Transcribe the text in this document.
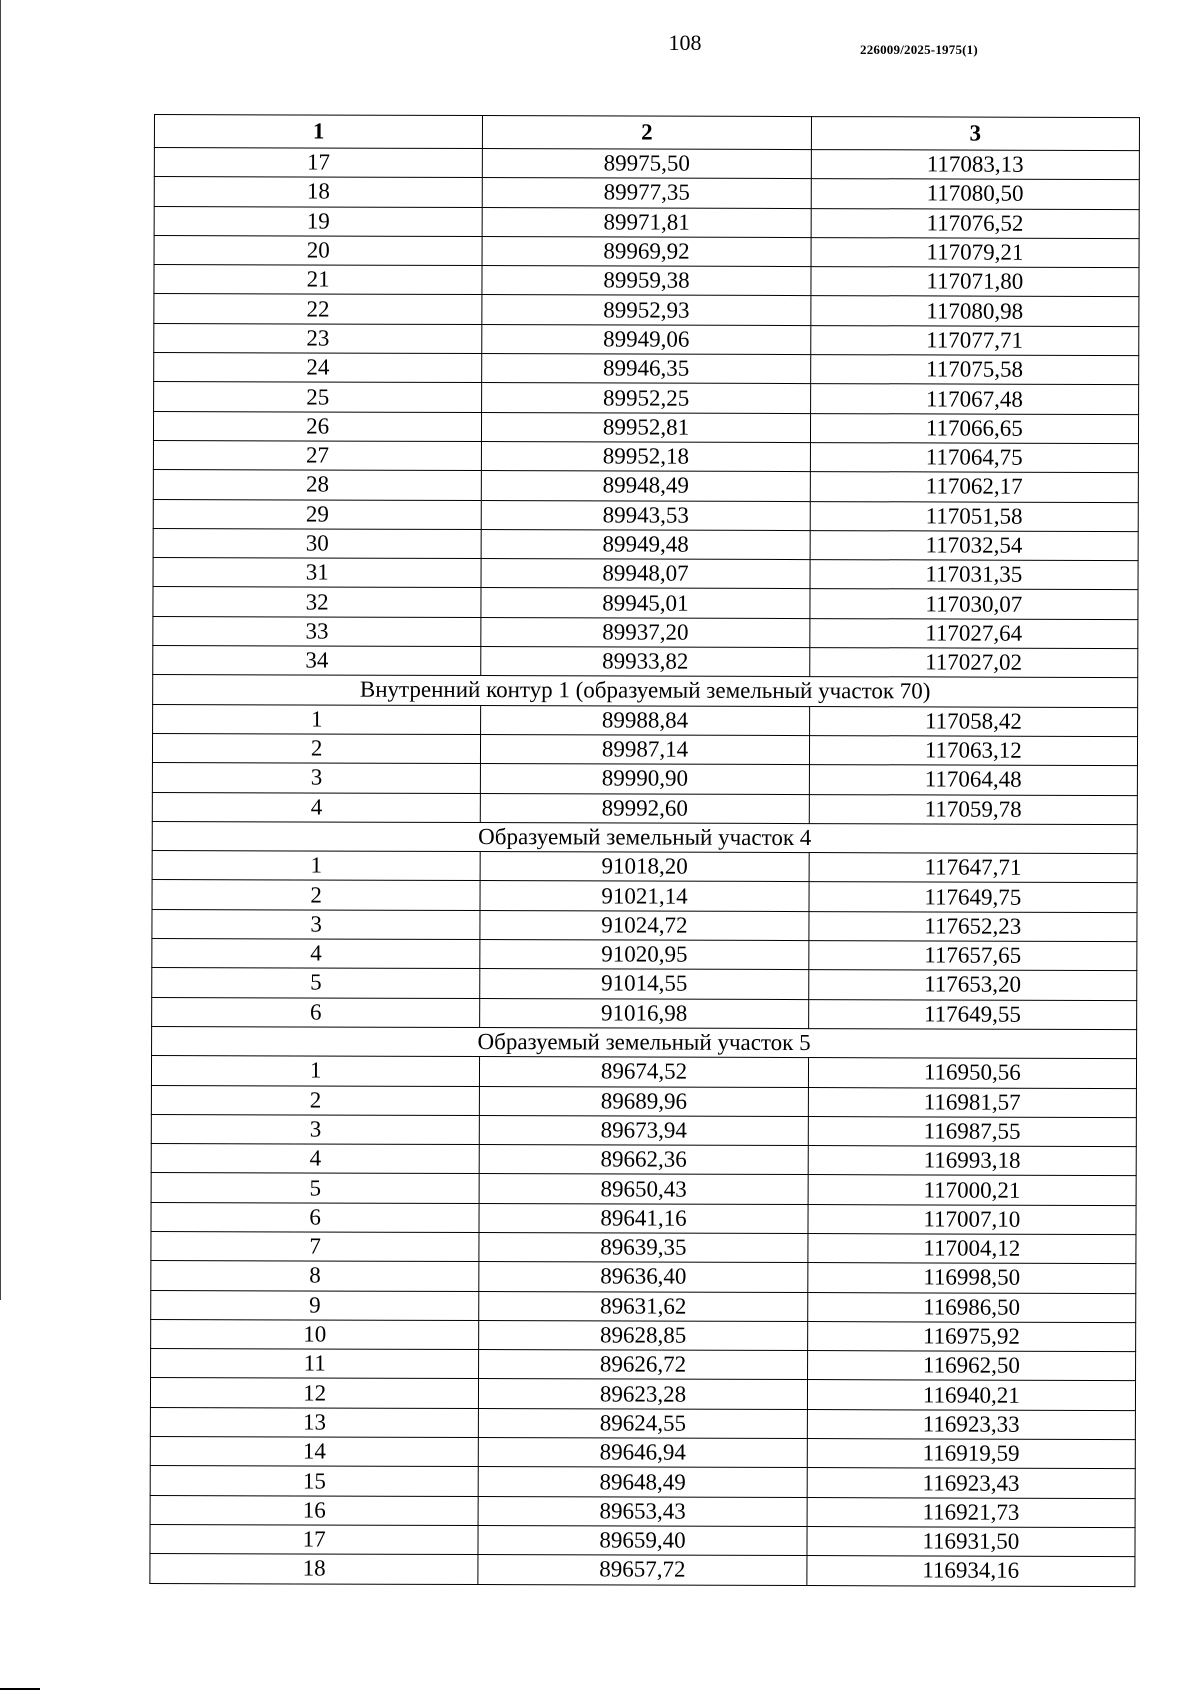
108	226009/2025-1975(1)
1	2	3
17	89975,50	117083,13
18	89977,35	117080,50
19	89971,81	117076,52
20	89969,92	117079,21
21	89959,38	117071,80
22	89952,93	117080,98
23	89949,06	117077,71
24	89946,35	117075,58
25	89952,25	117067,48
26	89952,81	117066,65
27	89952,18	117064,75
28	89948,49	117062,17
29	89943,53	117051,58
30	89949,48	117032,54
31	89948,07	117031,35
32	89945,01	117030,07
33	89937,20	117027,64
34	89933,82	117027,02
Внутренний контур 1 (образуемый земельный участок 70)		
1	89988,84	117058,42
2	89987,14	117063,12
3	89990,90	117064,48
4	89992,60	117059,78
Образуемый земельный участок 4		
1	91018,20	117647,71
2	91021,14	117649,75
3	91024,72	117652,23
4	91020,95	117657,65
5	91014,55	117653,20
6	91016,98	117649,55
Образуемый земельный участок 5		
1	89674,52	116950,56
2	89689,96	116981,57
3	89673,94	116987,55
4	89662,36	116993,18
5	89650,43	117000,21
6	89641,16	117007,10
7	89639,35	117004,12
8	89636,40	116998,50
9	89631,62	116986,50
10	89628,85	116975,92
11	89626,72	116962,50
12	89623,28	116940,21
13	89624,55	116923,33
14	89646,94	116919,59
15	89648,49	116923,43
16	89653,43	116921,73
17	89659,40	116931,50
18	89657,72	116934,16
